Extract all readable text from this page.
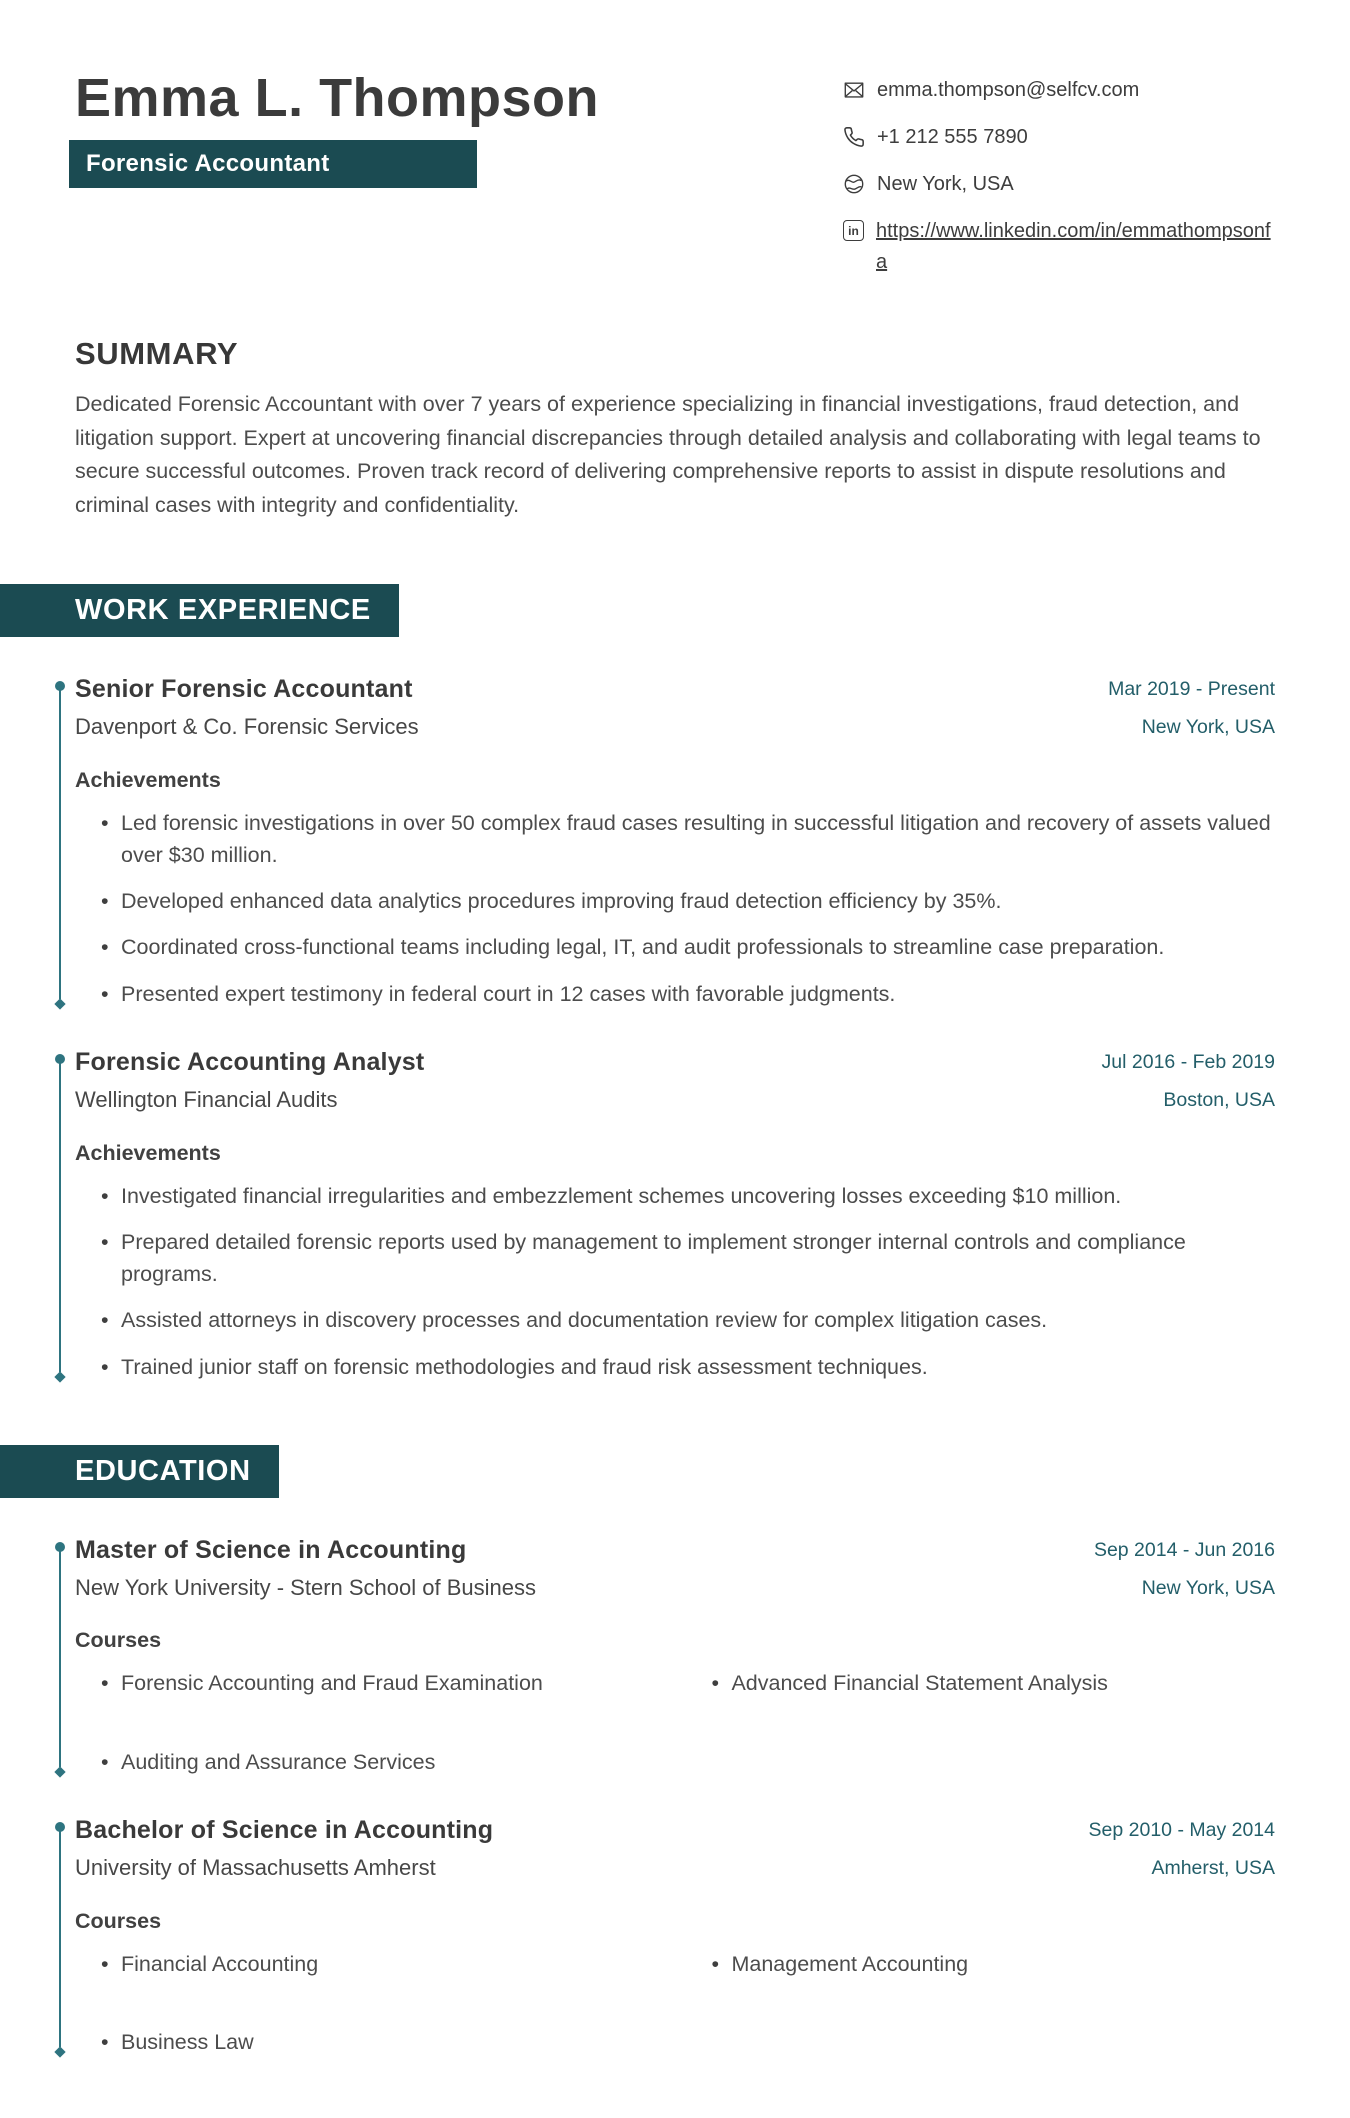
Emma L. Thompson
Forensic Accountant
emma.thompson@selfcv.com
+1 212 555 7890
New York, USA
in https://www.linkedin.com/in/emmathompsonfa
SUMMARY

Dedicated Forensic Accountant with over 7 years of experience specializing in financial investigations, fraud detection, and litigation support. Expert at uncovering financial discrepancies through detailed analysis and collaborating with legal teams to secure successful outcomes. Proven track record of delivering comprehensive reports to assist in dispute resolutions and criminal cases with integrity and confidentiality.

WORK EXPERIENCE
Senior Forensic Accountant
Davenport & Co. Forensic Services
Mar 2019 - Present
New York, USA
Achievements
• Led forensic investigations in over 50 complex fraud cases resulting in successful litigation and recovery of assets valued over $30 million.
• Developed enhanced data analytics procedures improving fraud detection efficiency by 35%.
• Coordinated cross-functional teams including legal, IT, and audit professionals to streamline case preparation.
• Presented expert testimony in federal court in 12 cases with favorable judgments.
Forensic Accounting Analyst
Wellington Financial Audits
Jul 2016 - Feb 2019
Boston, USA
Achievements
• Investigated financial irregularities and embezzlement schemes uncovering losses exceeding $10 million.
• Prepared detailed forensic reports used by management to implement stronger internal controls and compliance programs.
• Assisted attorneys in discovery processes and documentation review for complex litigation cases.
• Trained junior staff on forensic methodologies and fraud risk assessment techniques.
EDUCATION
Master of Science in Accounting
New York University - Stern School of Business
Sep 2014 - Jun 2016
New York, USA
Courses
• Forensic Accounting and Fraud Examination	• Advanced Financial Statement Analysis
• Auditing and Assurance Services
Bachelor of Science in Accounting
University of Massachusetts Amherst
Sep 2010 - May 2014
Amherst, USA
Courses
• Financial Accounting	• Management Accounting
• Business Law
